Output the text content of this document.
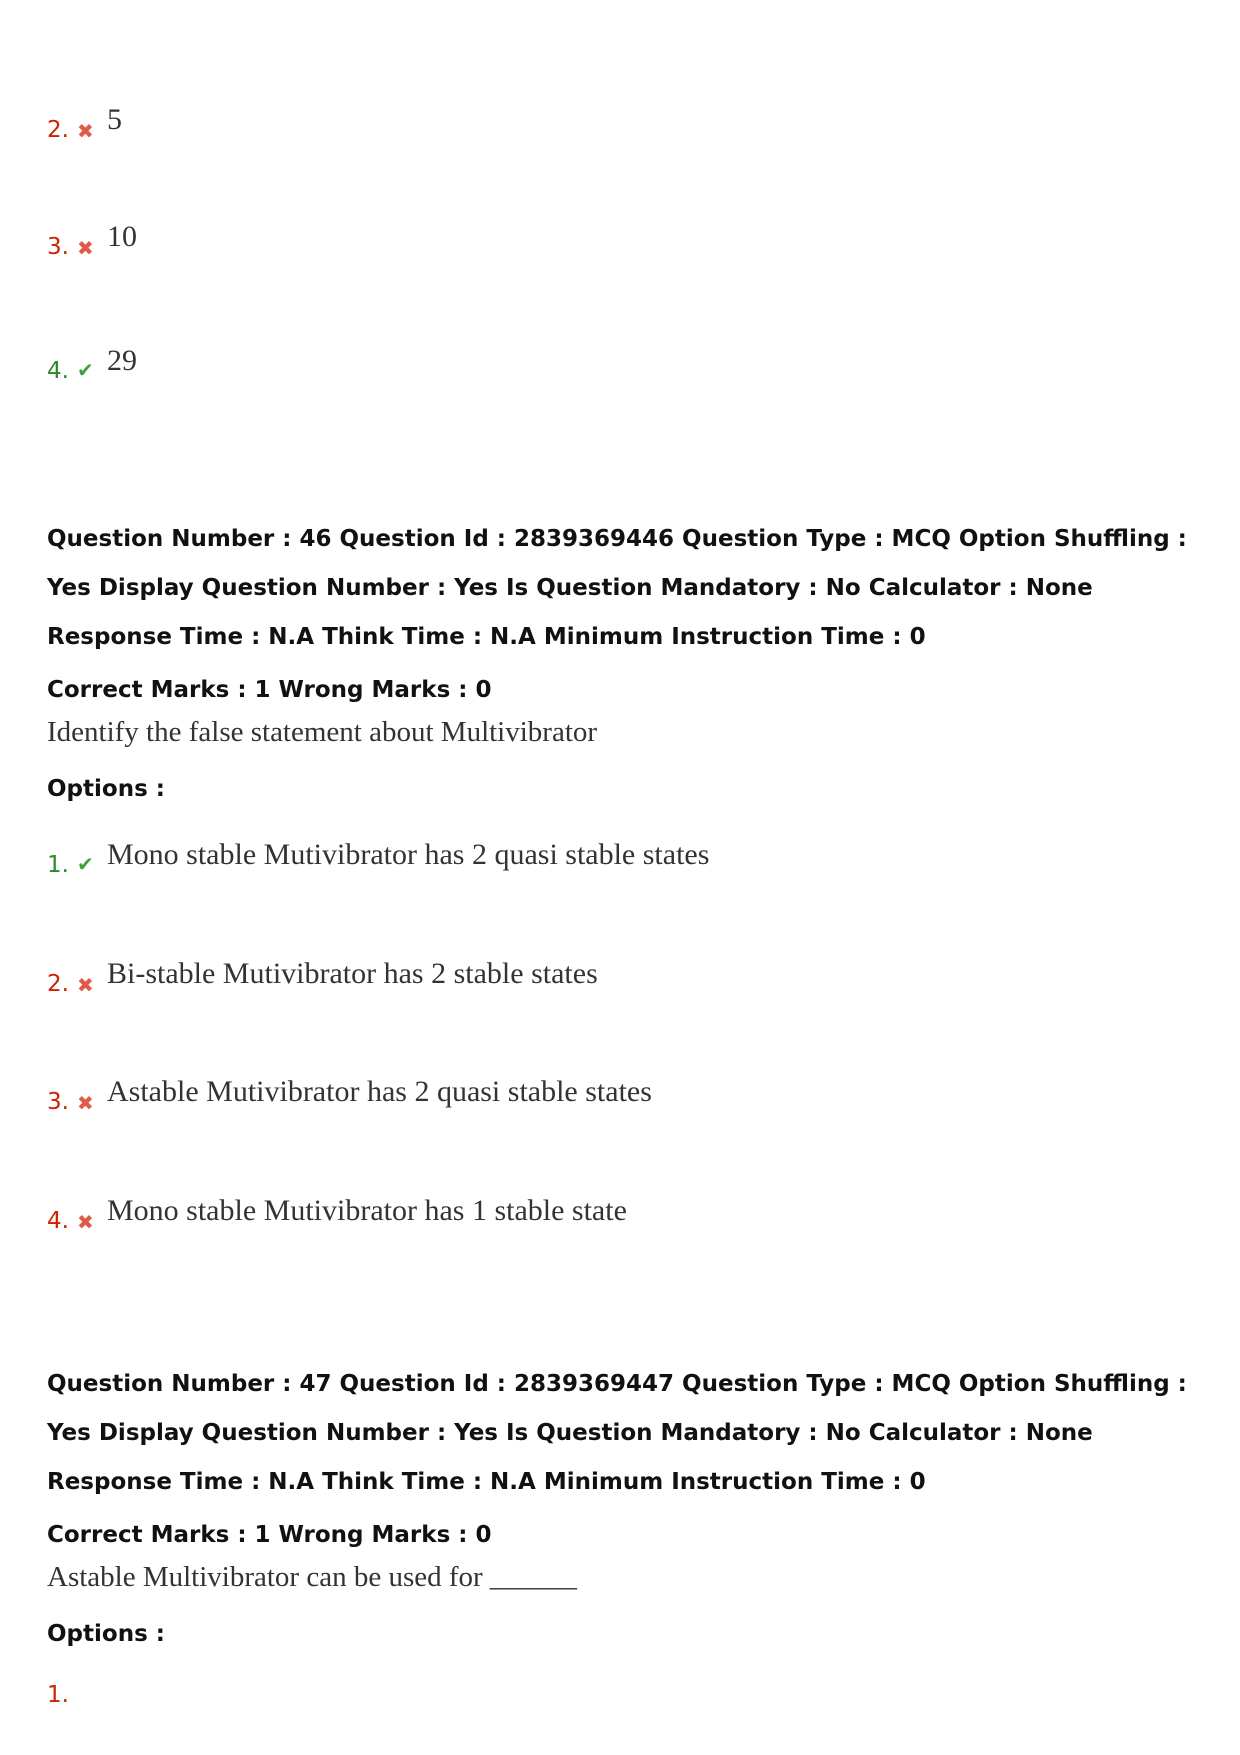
2. ✖ 5
3. ✖ 10
4. ✔ 29
Question Number : 46 Question Id : 2839369446 Question Type : MCQ Option Shuffling : Yes Display Question Number : Yes Is Question Mandatory : No Calculator : None Response Time : N.A Think Time : N.A Minimum Instruction Time : 0
Correct Marks : 1 Wrong Marks : 0
Identify the false statement about Multivibrator
Options :
1. ✔ Mono stable Mutivibrator has 2 quasi stable states
2. ✖ Bi-stable Mutivibrator has 2 stable states
3. ✖ Astable Mutivibrator has 2 quasi stable states
4. ✖ Mono stable Mutivibrator has 1 stable state
Question Number : 47 Question Id : 2839369447 Question Type : MCQ Option Shuffling : Yes Display Question Number : Yes Is Question Mandatory : No Calculator : None Response Time : N.A Think Time : N.A Minimum Instruction Time : 0
Correct Marks : 1 Wrong Marks : 0
Astable Multivibrator can be used for ______
Options :
1.
